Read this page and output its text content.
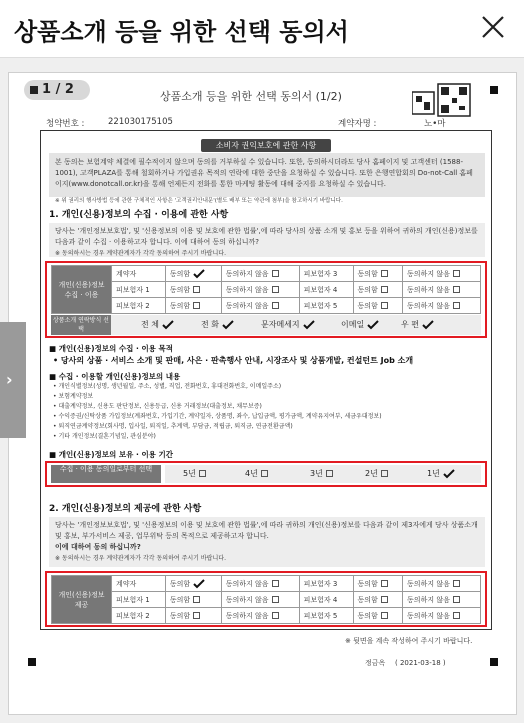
상품소개 등을 위한 선택 동의서
›
1 / 2	상품소개 등을 위한 선택 동의서 (1/2)
청약번호 :	221030175105	계약자명 :	노•마
소비자 권익보호에 관한 사항
본 동의는 보험계약 체결에 필수적이지 않으며 동의를 거부하실 수 있습니다. 또한, 동의하시더라도 당사 홈페이지 및 고객센터 (1588-1001), 고객PLAZA를 통해 철회하거나 가입권유 목적의 연락에 대한 중단을 요청하실 수 있습니다. 또한 은행연합회의 Do-not-Call 홈페이지(www.donotcall.or.kr)을 통해 언제든지 전화를 통한 마케팅 활동에 대해 중지를 요청하실 수 있습니다.
※ 위 권리의 행사방법 등에 관한 구체적인 사항은 '고객권리안내문'(별도 배부 또는 약관에 첨부)을 참고하시기 바랍니다.
1. 개인(신용)정보의 수집 · 이용에 관한 사항
당사는 '개인정보보호법', 및 '신용정보의 이용 및 보호에 관한 법률',에 따라 당사의 상품 소개 및 홍보 등을 위하여 귀하의 개인(신용)정보를 다음과 같이 수집 · 이용하고자 합니다. 이에 대하여 동의 하십니까?
※ 동의하시는 경우 계약관계자가 각각 동의하여 주시기 바랍니다.
개인(신용)정보 수집 · 이용	계약자	동의함	동의하지 않음	피보험자 3	동의함	동의하지 않음
	피보험자 1	동의함	동의하지 않음	피보험자 4	동의함	동의하지 않음
	피보험자 2	동의함	동의하지 않음	피보험자 5	동의함	동의하지 않음
상품소개 연락방식 선택
전 체	전 화	문자메세지	이메일	우 편
■ 개인(신용)정보의 수집 · 이용 목적
• 당사의 상품 · 서비스 소개 및 판매, 사은 · 판촉행사 안내, 시장조사 및 상품개발, 컨설턴트 Job 소개
■ 수집 · 이용할 개인(신용)정보의 내용
• 개인식별정보(성명, 생년월일, 주소, 성별, 직업, 전화번호, 휴대전화번호, 이메일주소)
• 보험계약정보
• 대출계약정보, 신용도 판단정보, 신용등급, 신용 거래정보(대출정보, 채무보증)
• 수익증권/신탁상품 가입정보(계좌번호, 가입기간, 계약일자, 상품명, 좌수, 납입금액, 평가금액, 계약유지여부, 세금우대정보)
• 퇴직연금계약정보(회사명, 입사일, 퇴직일, 추계액, 부담금, 적립금, 퇴직금, 연금전환금액)
• 기타 개인정보(결혼기념일, 관심분야)
■ 개인(신용)정보의 보유 · 이용 기간
수집 · 이용 동의일로부터 선택	5년	4년	3년	2년	1년
2. 개인(신용)정보의 제공에 관한 사항
당사는 '개인정보보호법', 및 '신용정보의 이용 및 보호에 관한 법률',에 따라 귀하의 개인(신용)정보를 다음과 같이 제3자에게 당사 상품소개 및 홍보, 부가서비스 제공, 업무위탁 등의 목적으로 제공하고자 합니다.
이에 대하여 동의 하십니까?
※ 동의하시는 경우 계약관계자가 각각 동의하여 주시기 바랍니다.
개인(신용)정보 제공	계약자	동의함	동의하지 않음	피보험자 3	동의함	동의하지 않음
	피보험자 1	동의함	동의하지 않음	피보험자 4	동의함	동의하지 않음
	피보험자 2	동의함	동의하지 않음	피보험자 5	동의함	동의하지 않음
※ 뒷면을 계속 작성하여 주시기 바랍니다.
정금옥 ( 2021-03-18 )
